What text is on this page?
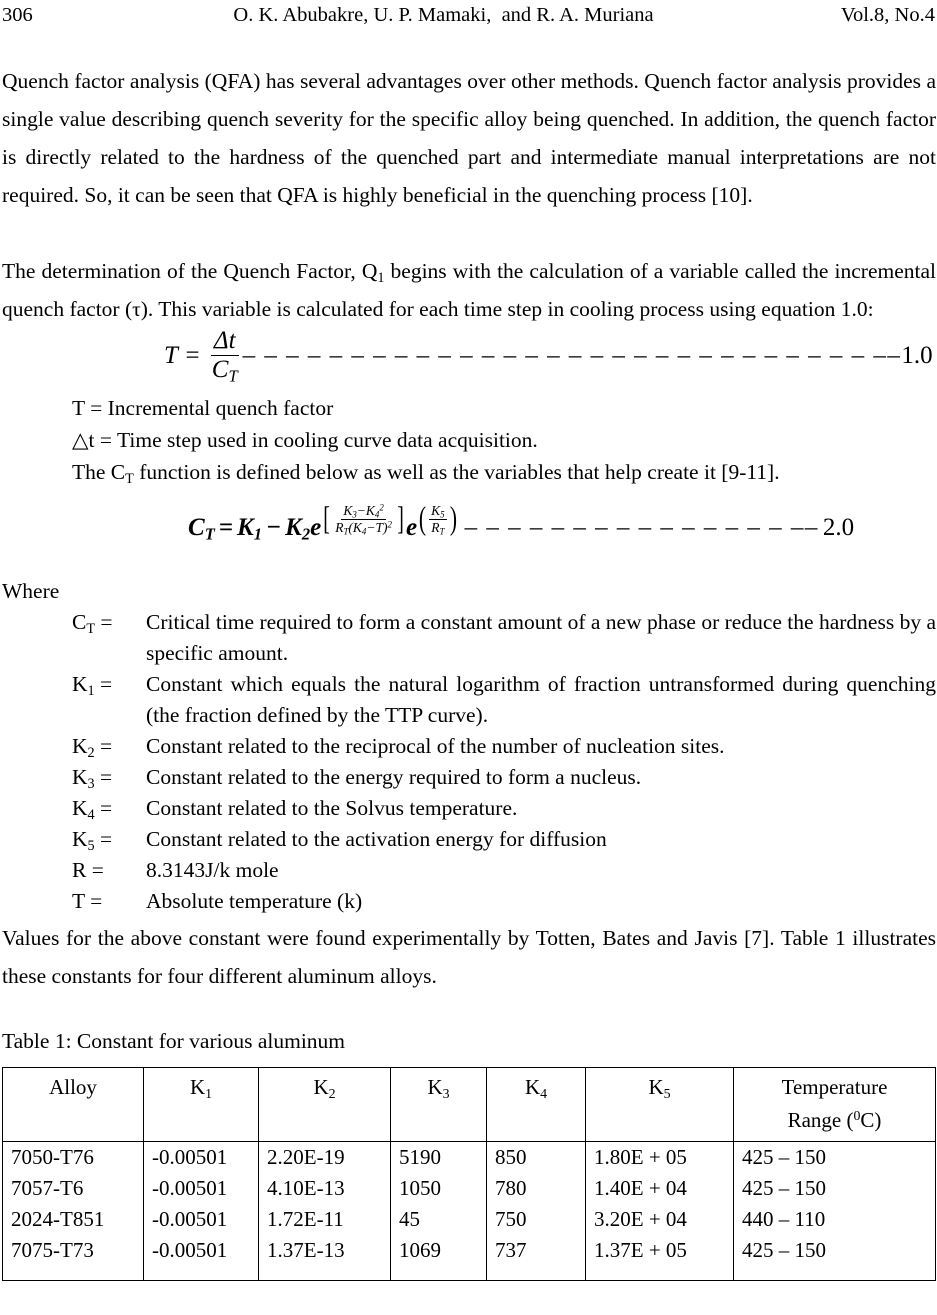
306	O. K. Abubakre, U. P. Mamaki,  and R. A. Muriana	Vol.8, No.4

Quench factor analysis (QFA) has several advantages over other methods. Quench factor analysis provides a single value describing quench severity for the specific alloy being quenched. In addition, the quench factor is directly related to the hardness of the quenched part and intermediate manual interpretations are not required. So, it can be seen that QFA is highly beneficial in the quenching process [10].

The determination of the Quench Factor, $Q_1$ begins with the calculation of a variable called the incremental quench factor (τ). This variable is calculated for each time step in cooling process using equation 1.0:

$T = \frac{\Delta t}{C_T}$ – – – – – – – – – – – – – – – – – – – – – – – – – – – – – –– 1.0
T = Incremental quench factor
△t = Time step used in cooling curve data acquisition.
The $C_T$ function is defined below as well as the variables that help create it [9-11].
$C_T = K_1 - K_2$ e [ $\frac{K_3-K_4^2}{R_T(K_4-T)^2}$ ] e ( $\frac{K_5}{R_T}$ ) – – – – – – – – – – – – – – – –– 2.0
Where
$C_T$ =	Critical time required to form a constant amount of a new phase or reduce the hardness by a specific amount.
$K_1$ =	Constant which equals the natural logarithm of fraction untransformed during quenching (the fraction defined by the TTP curve).
$K_2$ =	Constant related to the reciprocal of the number of nucleation sites.
$K_3$ =	Constant related to the energy required to form a nucleus.
$K_4$ =	Constant related to the Solvus temperature.
$K_5$ =	Constant related to the activation energy for diffusion
R =	8.3143J/k mole
T =	Absolute temperature (k)

Values for the above constant were found experimentally by Totten, Bates and Javis [7]. Table 1 illustrates these constants for four different aluminum alloys.

Table 1: Constant for various aluminum
Alloy	$K_1$	$K_2$	$K_3$	$K_4$	$K_5$	Temperature
Range ($^0$C)
7050-T76	-0.00501	2.20E-19	5190	850	1.80E + 05	425 – 150
7057-T6	-0.00501	4.10E-13	1050	780	1.40E + 04	425 – 150
2024-T851	-0.00501	1.72E-11	45	750	3.20E + 04	440 – 110
7075-T73	-0.00501	1.37E-13	1069	737	1.37E + 05	425 – 150
